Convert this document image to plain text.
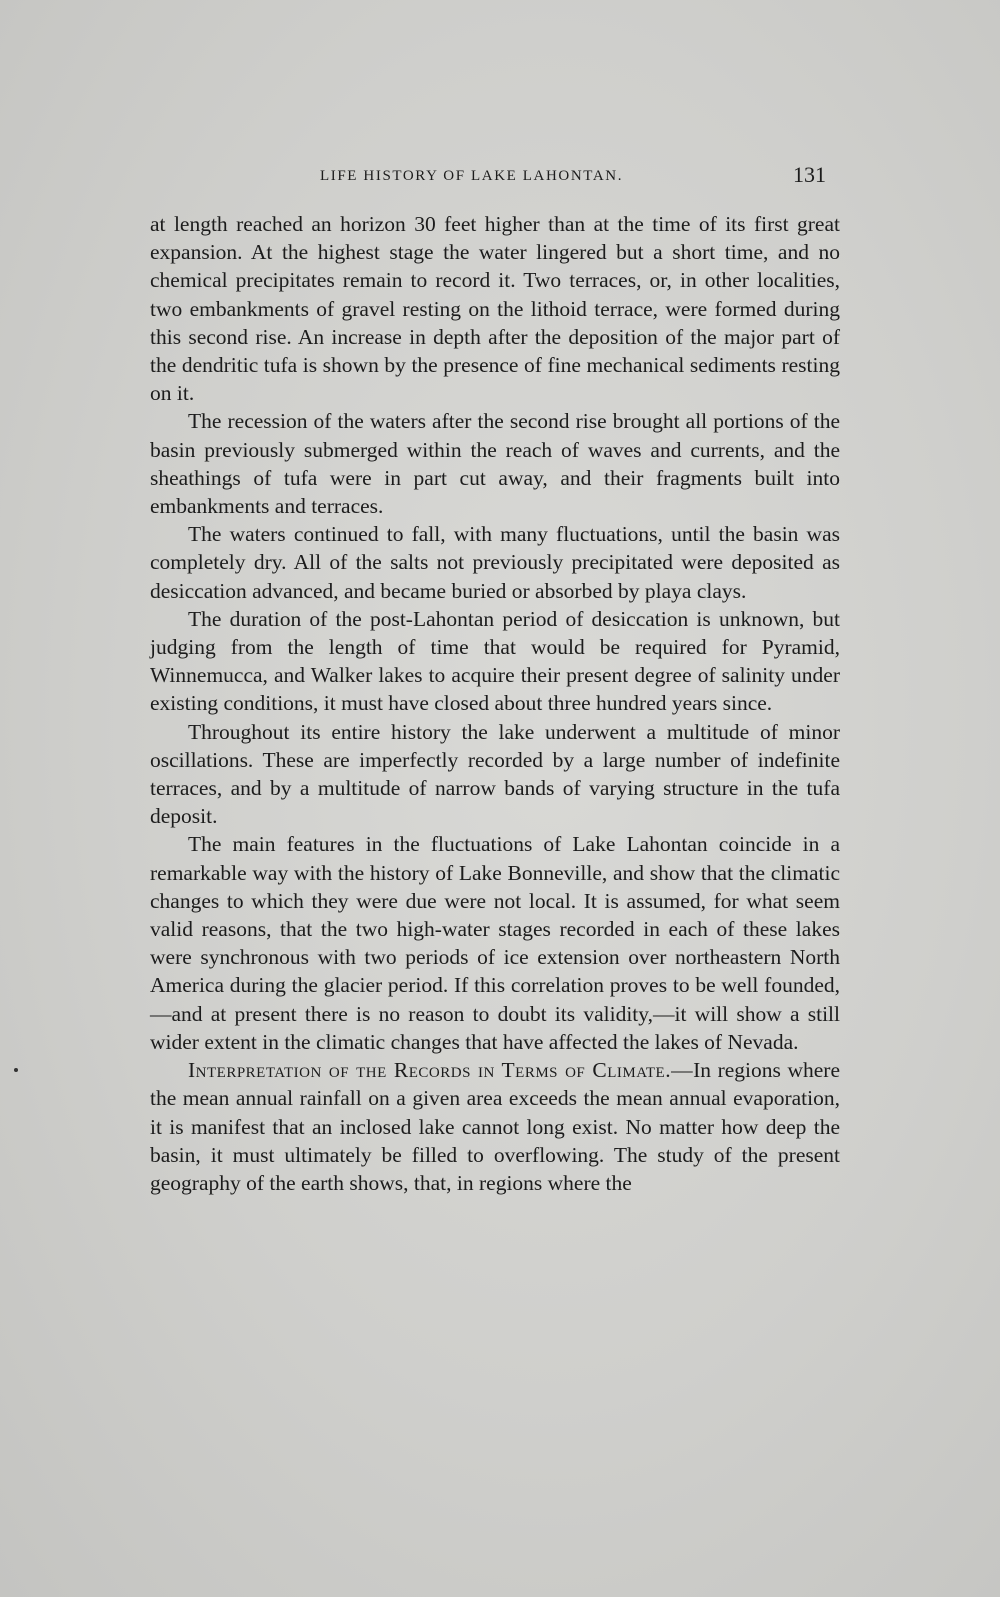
LIFE HISTORY OF LAKE LAHONTAN.	131

at length reached an horizon 30 feet higher than at the time of its first great expansion. At the highest stage the water lingered but a short time, and no chemical precipitates remain to record it. Two terraces, or, in other localities, two embankments of gravel resting on the lithoid terrace, were formed during this second rise. An increase in depth after the deposition of the major part of the dendritic tufa is shown by the presence of fine mechanical sediments resting on it.

The recession of the waters after the second rise brought all portions of the basin previously submerged within the reach of waves and currents, and the sheathings of tufa were in part cut away, and their fragments built into embankments and terraces.

The waters continued to fall, with many fluctuations, until the basin was completely dry. All of the salts not previously precipitated were deposited as desiccation advanced, and became buried or absorbed by playa clays.

The duration of the post-Lahontan period of desiccation is unknown, but judging from the length of time that would be required for Pyramid, Winnemucca, and Walker lakes to acquire their present degree of salinity under existing conditions, it must have closed about three hundred years since.

Throughout its entire history the lake underwent a multitude of minor oscillations. These are imperfectly recorded by a large number of indefinite terraces, and by a multitude of narrow bands of varying structure in the tufa deposit.

The main features in the fluctuations of Lake Lahontan coincide in a remarkable way with the history of Lake Bonneville, and show that the climatic changes to which they were due were not local. It is assumed, for what seem valid reasons, that the two high-water stages recorded in each of these lakes were synchronous with two periods of ice extension over northeastern North America during the glacier period. If this correlation proves to be well founded,—and at present there is no reason to doubt its validity,—it will show a still wider extent in the climatic changes that have affected the lakes of Nevada.

Interpretation of the Records in Terms of Climate.—In regions where the mean annual rainfall on a given area exceeds the mean annual evaporation, it is manifest that an inclosed lake cannot long exist. No matter how deep the basin, it must ultimately be filled to overflowing. The study of the present geography of the earth shows, that, in regions where the
